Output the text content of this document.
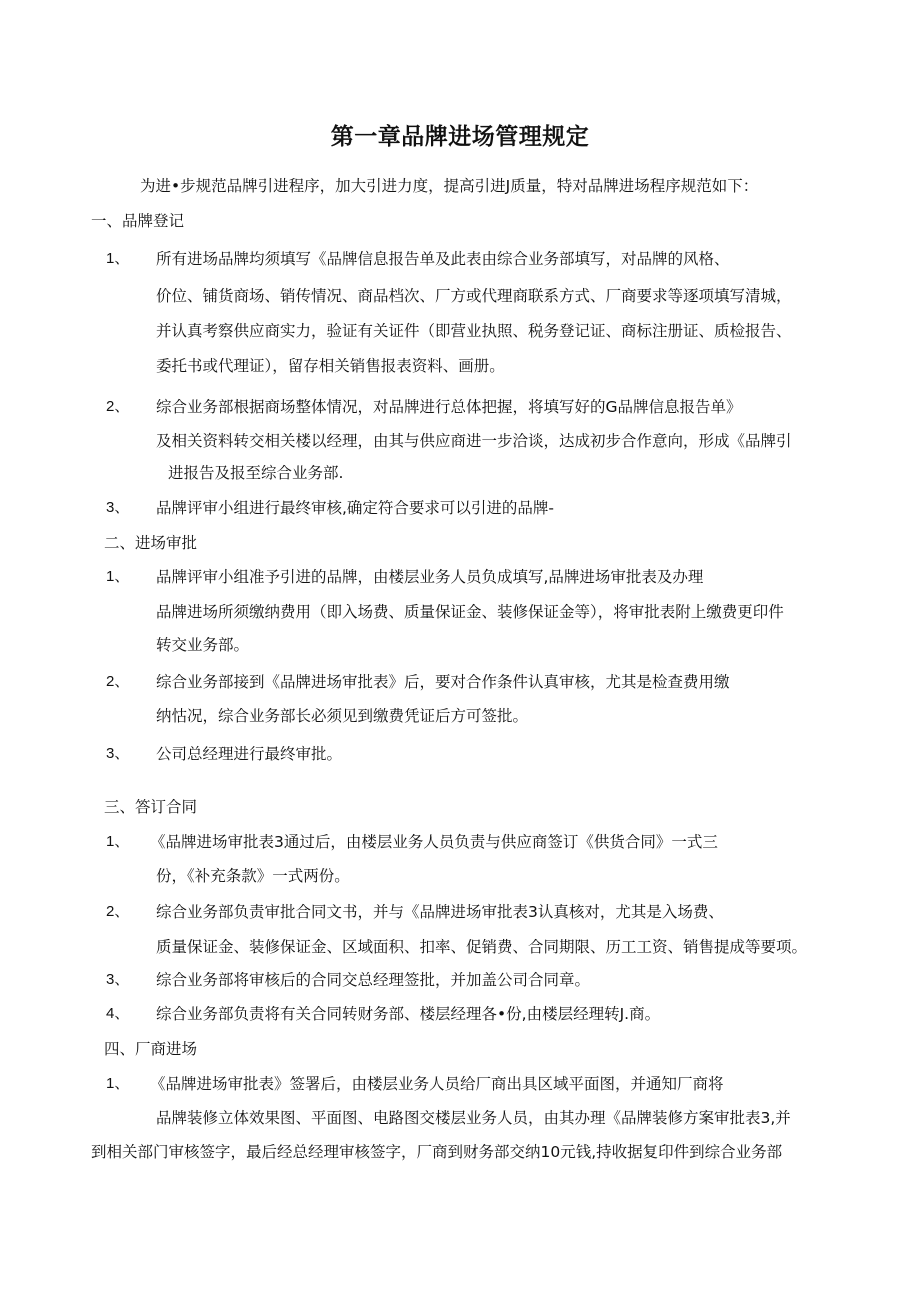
第一章品牌进场管理规定
为进•步规范品牌引进程序，加大引进力度，提高引进J质量，特对品牌进场程序规范如下：
一、品牌登记
1、 所有进场品牌均须填写《品牌信息报告单及此表由综合业务部填写，对品牌的风格、
价位、铺货商场、销传情况、商品档次、厂方或代理商联系方式、厂商要求等逐项填写清城，
并认真考察供应商实力，验证有关证件（即营业执照、税务登记证、商标注册证、质检报告、
委托书或代理证），留存相关销售报表资料、画册。
2、 综合业务部根据商场整体情况，对品牌进行总体把握，将填写好的G品牌信息报告单》
及相关资料转交相关楼以经理，由其与供应商进一步洽谈，达成初步合作意向，形成《品牌引
进报告及报至综合业务部.
3、 品牌评审小组进行最终审核,确定符合要求可以引进的品牌-
二、进场审批
1、 品牌评审小组准予引进的品牌，由楼层业务人员负成填写,品牌进场审批表及办理
品牌进场所须缴纳费用（即入场费、质量保证金、装修保证金等），将审批表附上缴费更印件
转交业务部。
2、 综合业务部接到《品牌进场审批表》后，要对合作条件认真审核，尤其是检查费用缴
纳怙况，综合业务部长必须见到缴费凭证后方可签批。
3、 公司总经理进行最终审批。
三、答订合同
1、 《品牌进场审批表3通过后，由楼层业务人员负责与供应商签订《供货合同》一式三
份，《补充条款》一式两份。
2、 综合业务部负责审批合同文书，并与《品牌进场审批表3认真核对，尤其是入场费、
质量保证金、装修保证金、区域面积、扣率、促销费、合同期限、历工工资、销售提成等要项。
3、 综合业务部将审核后的合同交总经理签批，并加盖公司合同章。
4、 综合业务部负责将有关合同转财务部、楼层经理各•份,由楼层经理转J.商。
四、厂商进场
1、 《品牌进场审批表》签署后，由楼层业务人员给厂商出具区域平面图，并通知厂商将
品牌装修立体效果图、平面图、电路图交楼层业务人员，由其办理《品牌装修方案审批表3,并
到相关部门审核签字，最后经总经理审核签字，厂商到财务部交纳10元钱,持收据复印件到综合业务部
